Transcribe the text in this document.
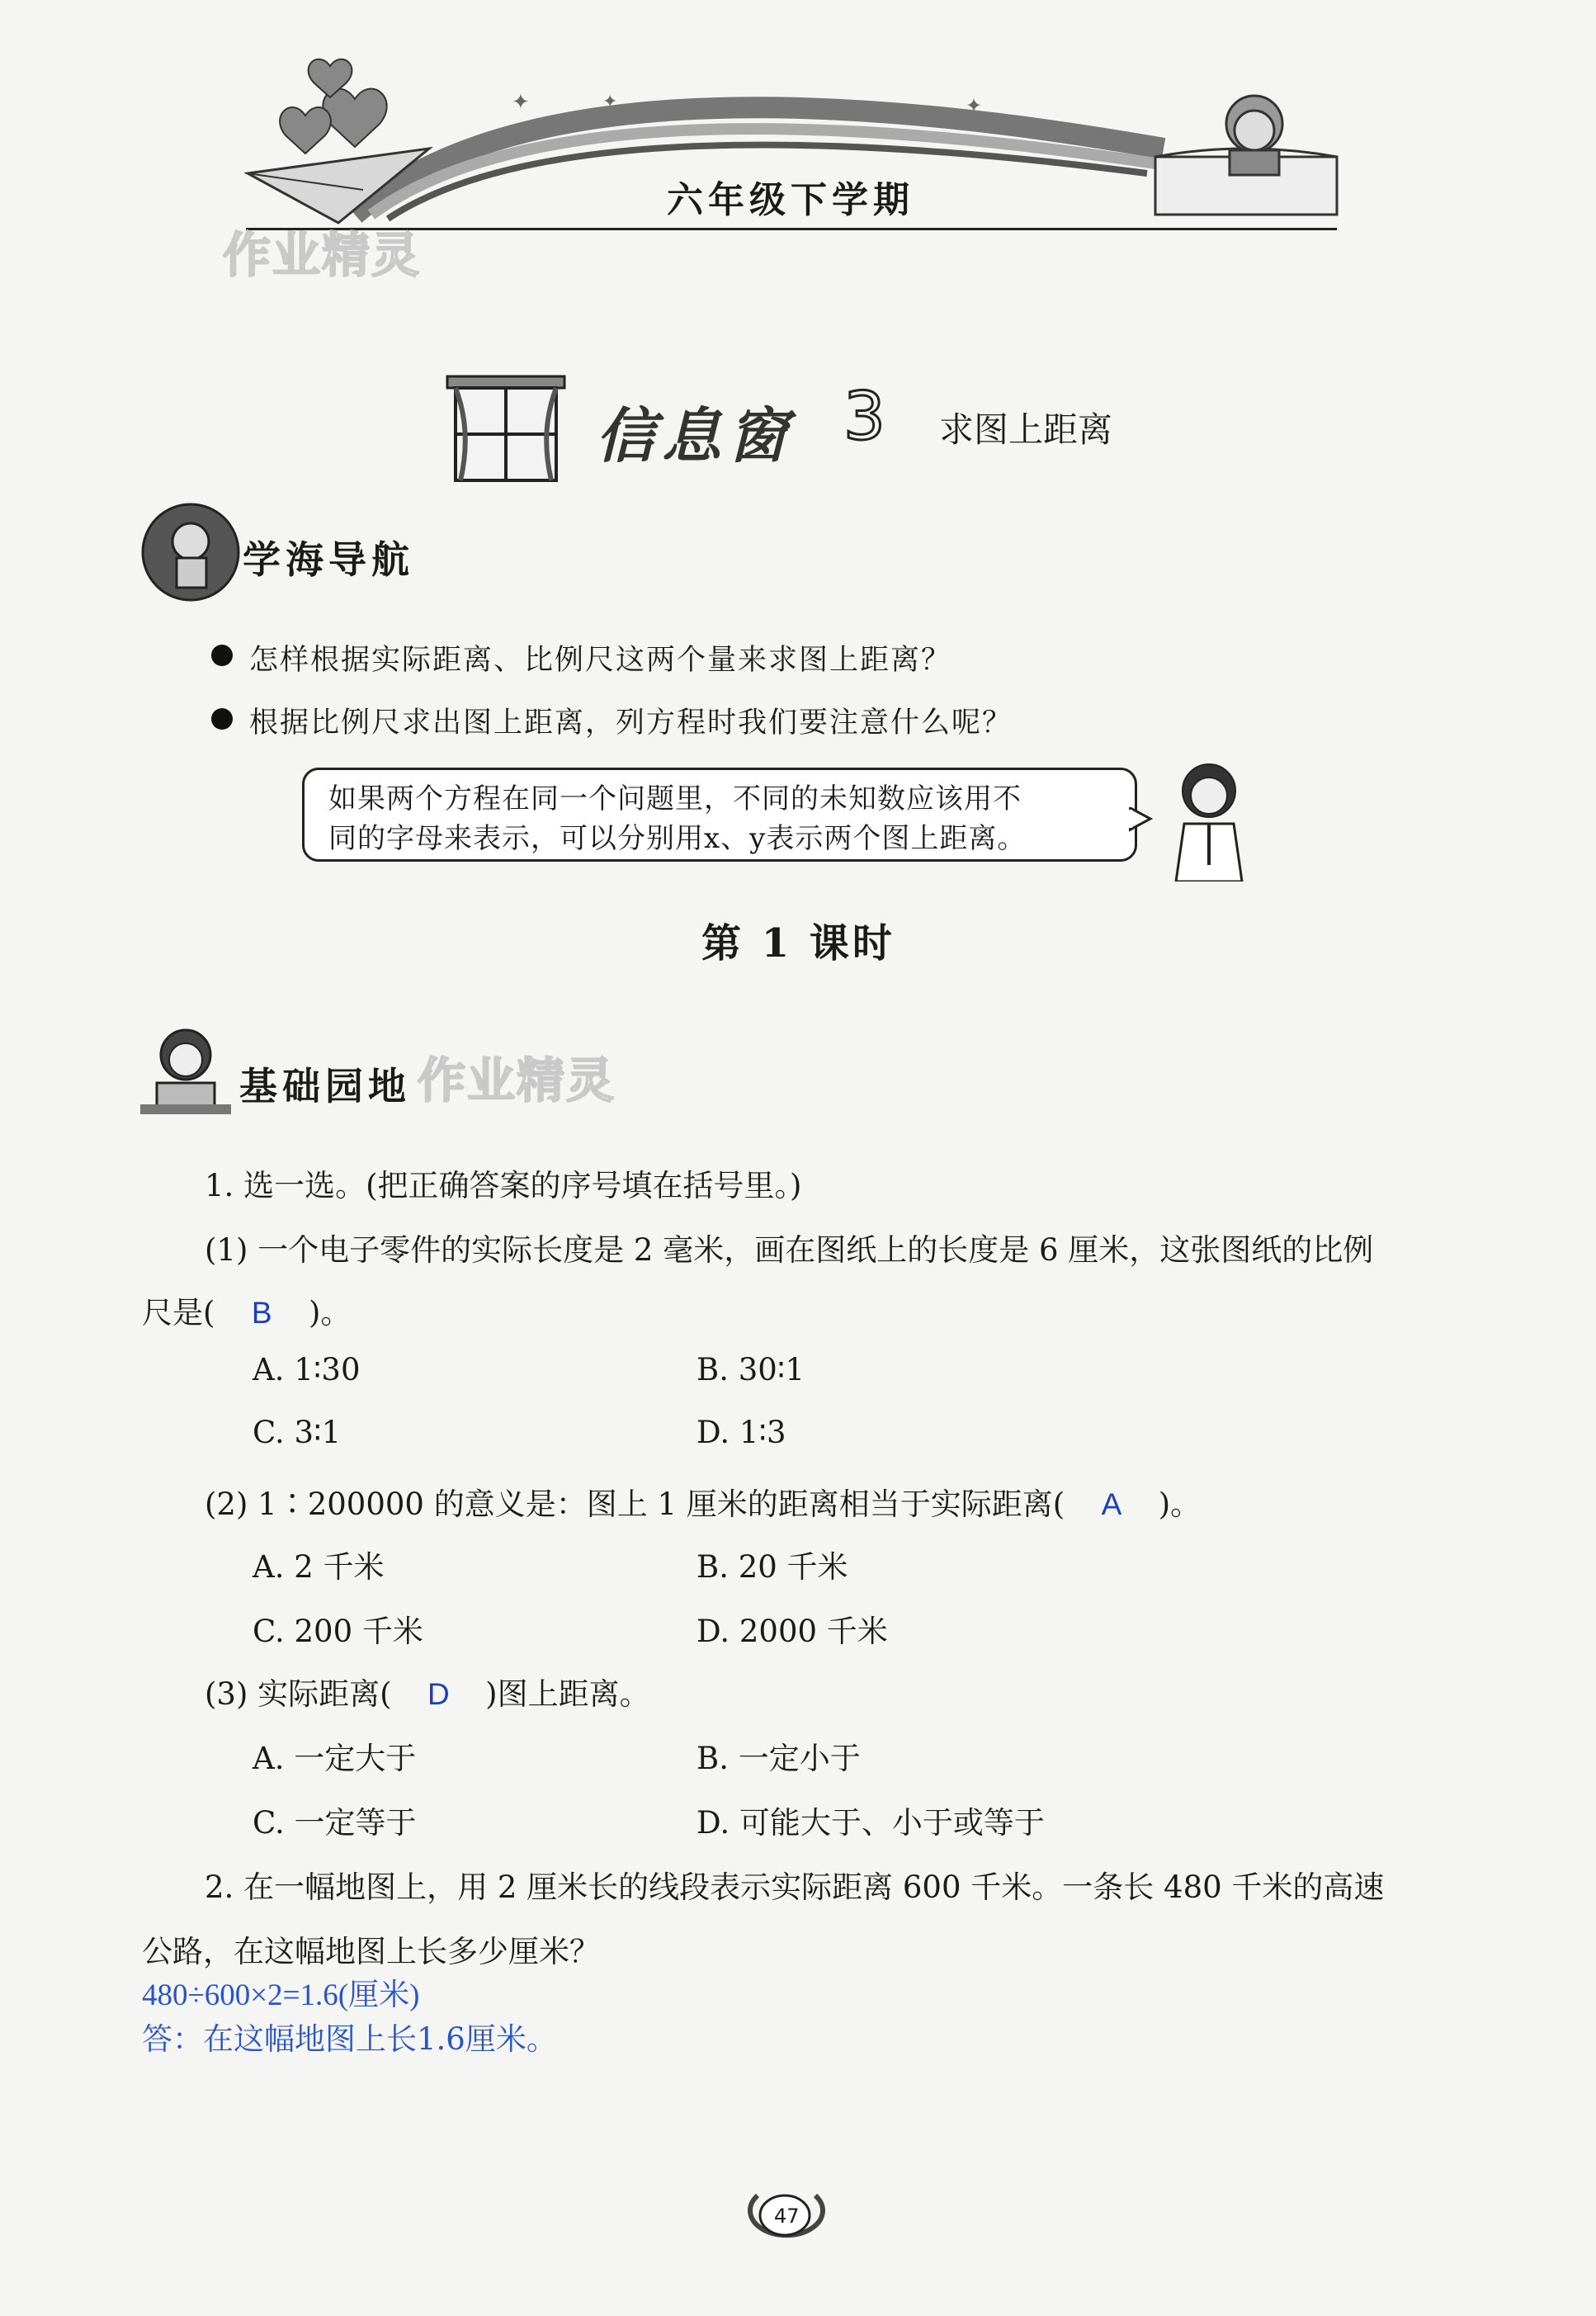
✦	✦	✦
六年级下学期
作业精灵
信息窗 3 求图上距离
学海导航
怎样根据实际距离、比例尺这两个量来求图上距离？
根据比例尺求出图上距离，列方程时我们要注意什么呢？
如果两个方程在同一个问题里，不同的未知数应该用不
同的字母来表示，可以分别用x、y表示两个图上距离。
第 1 课时
基础园地 作业精灵
1. 选一选。(把正确答案的序号填在括号里。)
(1) 一个电子零件的实际长度是 2 毫米，画在图纸上的长度是 6 厘米，这张图纸的比例
尺是( B )。
A. 1∶30	B. 30∶1
C. 3∶1	D. 1∶3
(2) 1∶200000 的意义是：图上 1 厘米的距离相当于实际距离( A )。
A. 2 千米	B. 20 千米
C. 200 千米	D. 2000 千米
(3) 实际距离( D )图上距离。
A. 一定大于	B. 一定小于
C. 一定等于	D. 可能大于、小于或等于
2. 在一幅地图上，用 2 厘米长的线段表示实际距离 600 千米。一条长 480 千米的高速
公路，在这幅地图上长多少厘米？
480÷600×2=1.6(厘米)
答：在这幅地图上长1.6厘米。
47
